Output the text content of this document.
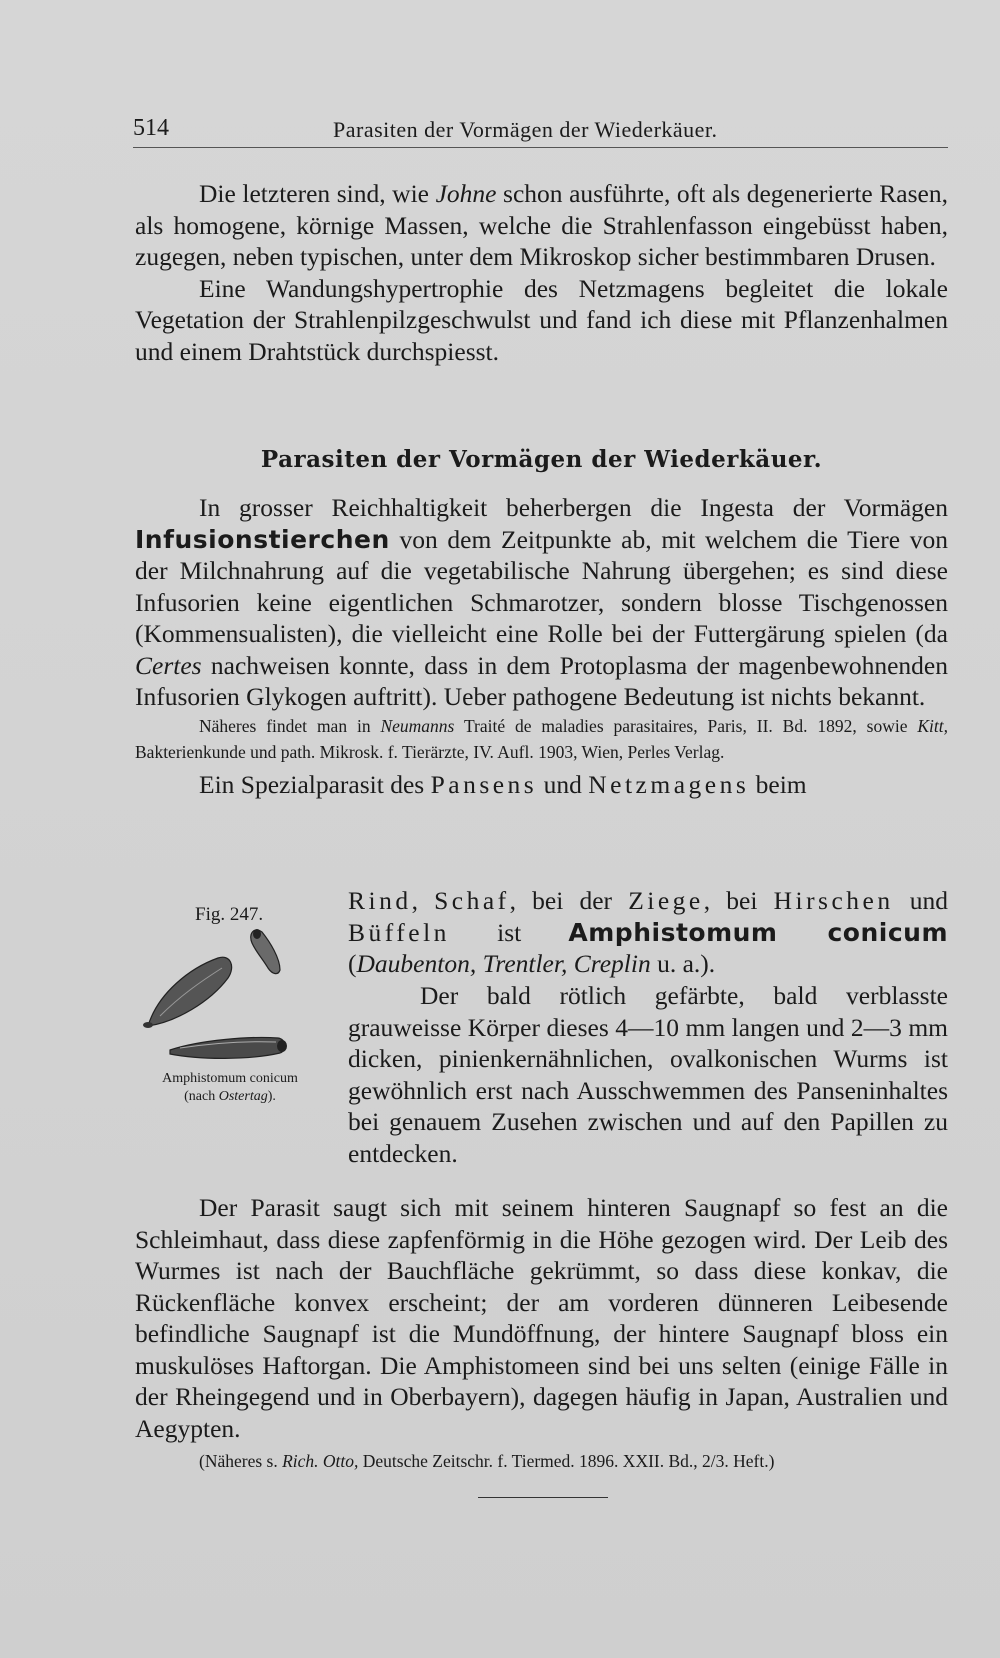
514	Parasiten der Vormägen der Wiederkäuer.

Die letzteren sind, wie Johne schon ausführte, oft als degenerierte Rasen, als homogene, körnige Massen, welche die Strahlenfasson eingebüsst haben, zugegen, neben typischen, unter dem Mikroskop sicher bestimmbaren Drusen.

Eine Wandungshypertrophie des Netzmagens begleitet die lokale Vegetation der Strahlenpilzgeschwulst und fand ich diese mit Pflanzenhalmen und einem Drahtstück durchspiesst.

Parasiten der Vormägen der Wiederkäuer.

In grosser Reichhaltigkeit beherbergen die Ingesta der Vormägen Infusionstierchen von dem Zeitpunkte ab, mit welchem die Tiere von der Milchnahrung auf die vegetabilische Nahrung übergehen; es sind diese Infusorien keine eigentlichen Schmarotzer, sondern blosse Tischgenossen (Kommensualisten), die vielleicht eine Rolle bei der Futtergärung spielen (da Certes nachweisen konnte, dass in dem Protoplasma der magenbewohnenden Infusorien Glykogen auftritt). Ueber pathogene Bedeutung ist nichts bekannt.

Näheres findet man in Neumanns Traité de maladies parasitaires, Paris, II. Bd. 1892, sowie Kitt, Bakterienkunde und path. Mikrosk. f. Tierärzte, IV. Aufl. 1903, Wien, Perles Verlag.

Ein Spezialparasit des Pansens und Netzmagens beim

Fig. 247.
Amphistomum conicum
(nach Ostertag).

Rind, Schaf, bei der Ziege, bei Hirschen und Büffeln ist Amphistomum conicum (Daubenton, Trentler, Creplin u. a.).

Der bald rötlich gefärbte, bald verblasste grauweisse Körper dieses 4—10 mm langen und 2—3 mm dicken, pinienkernähnlichen, ovalkonischen Wurms ist gewöhnlich erst nach Ausschwemmen des Panseninhaltes bei genauem Zusehen zwischen und auf den Papillen zu entdecken.

Der Parasit saugt sich mit seinem hinteren Saugnapf so fest an die Schleimhaut, dass diese zapfenförmig in die Höhe gezogen wird. Der Leib des Wurmes ist nach der Bauchfläche gekrümmt, so dass diese konkav, die Rückenfläche konvex erscheint; der am vorderen dünneren Leibesende befindliche Saugnapf ist die Mundöffnung, der hintere Saugnapf bloss ein muskulöses Haftorgan. Die Amphistomeen sind bei uns selten (einige Fälle in der Rheingegend und in Oberbayern), dagegen häufig in Japan, Australien und Aegypten.

(Näheres s. Rich. Otto, Deutsche Zeitschr. f. Tiermed. 1896. XXII. Bd., 2/3. Heft.)
